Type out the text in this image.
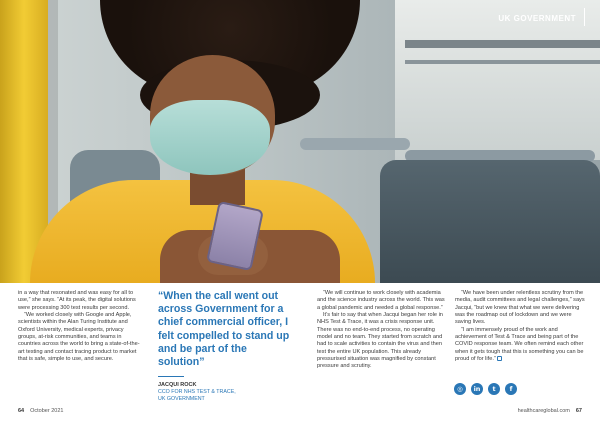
UK GOVERNMENT

in a way that resonated and was easy for all to use,” she says. “At its peak, the digital solutions were processing 300 test results per second.

“We worked closely with Google and Apple, scientists within the Alan Turing Institute and Oxford University, medical experts, privacy groups, at-risk communities, and teams in countries across the world to bring a state-of-the-art testing and contact tracing product to market that is safe, simple to use, and secure.

“When the call went out across Government for a chief commercial officer, I felt compelled to stand up and be part of the solution”
JACQUI ROCK
CCO FOR NHS TEST & TRACE,
UK GOVERNMENT

“We will continue to work closely with academia and the science industry across the world. This was a global pandemic and needed a global response.”

It’s fair to say that when Jacqui began her role in NHS Test & Trace, it was a crisis response unit. There was no end-to-end process, no operating model and no team. They started from scratch and had to scale activities to contain the virus and then test the entire UK population. This already pressurised situation was magnified by constant pressure and scrutiny.

“We have been under relentless scrutiny from the media, audit committees and legal challenges,” says Jacqui, “but we knew that what we were delivering was the roadmap out of lockdown and we were saving lives.

“I am immensely proud of the work and achievement of Test & Trace and being part of the COVID response team. We often remind each other when it gets tough that this is something you can be proud of for life.”

◎	in	t	f
64 October 2021	healthcareglobal.com 67
